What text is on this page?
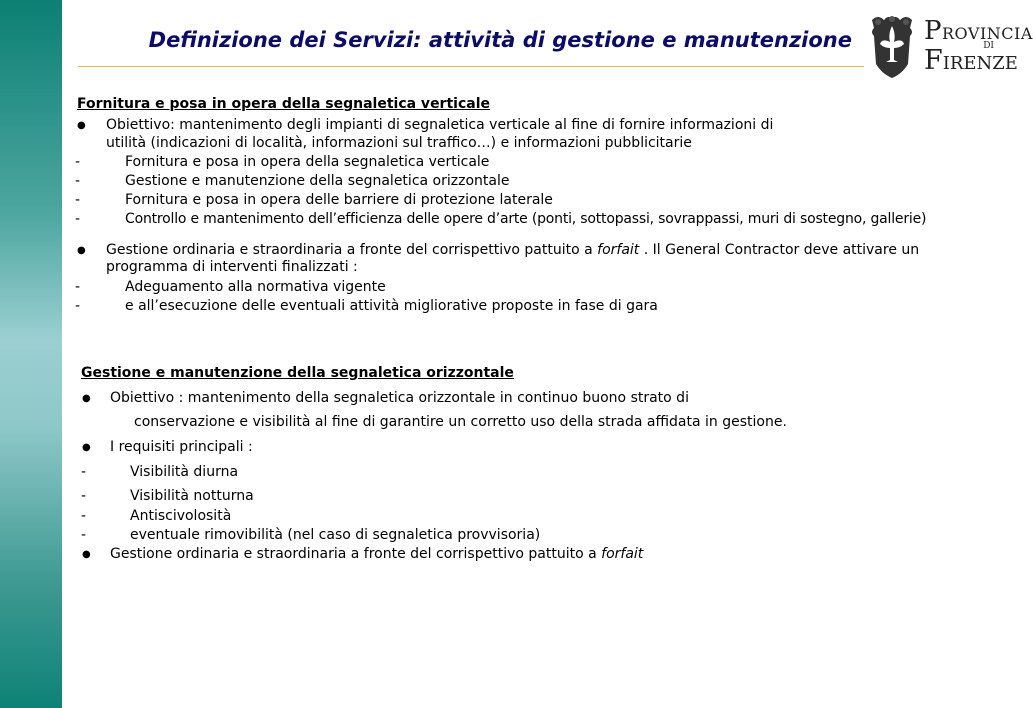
Definizione dei Servizi: attività di gestione e manutenzione	PROVINCIA
DI
FIRENZE
Fornitura e posa in opera della segnaletica verticale
● Obiettivo: mantenimento degli impianti di segnaletica verticale al fine di fornire informazioni di
utilità (indicazioni di località, informazioni sul traffico…) e informazioni pubblicitarie
-	Fornitura e posa in opera della segnaletica verticale
-	Gestione e manutenzione della segnaletica orizzontale
-	Fornitura e posa in opera delle barriere di protezione laterale
-	Controllo e mantenimento dell’efficienza delle opere d’arte (ponti, sottopassi, sovrappassi, muri di sostegno, gallerie)
● Gestione ordinaria e straordinaria a fronte del corrispettivo pattuito a forfait . Il General Contractor deve attivare un
programma di interventi finalizzati :
-	Adeguamento alla normativa vigente
-	e all’esecuzione delle eventuali attività migliorative proposte in fase di gara
Gestione e manutenzione della segnaletica orizzontale
● Obiettivo : mantenimento della segnaletica orizzontale in continuo buono strato di
conservazione e visibilità al fine di garantire un corretto uso della strada affidata in gestione.
● I requisiti principali :
-	Visibilità diurna
-	Visibilità notturna
-	Antiscivolosità
-	eventuale rimovibilità (nel caso di segnaletica provvisoria)
● Gestione ordinaria e straordinaria a fronte del corrispettivo pattuito a forfait
